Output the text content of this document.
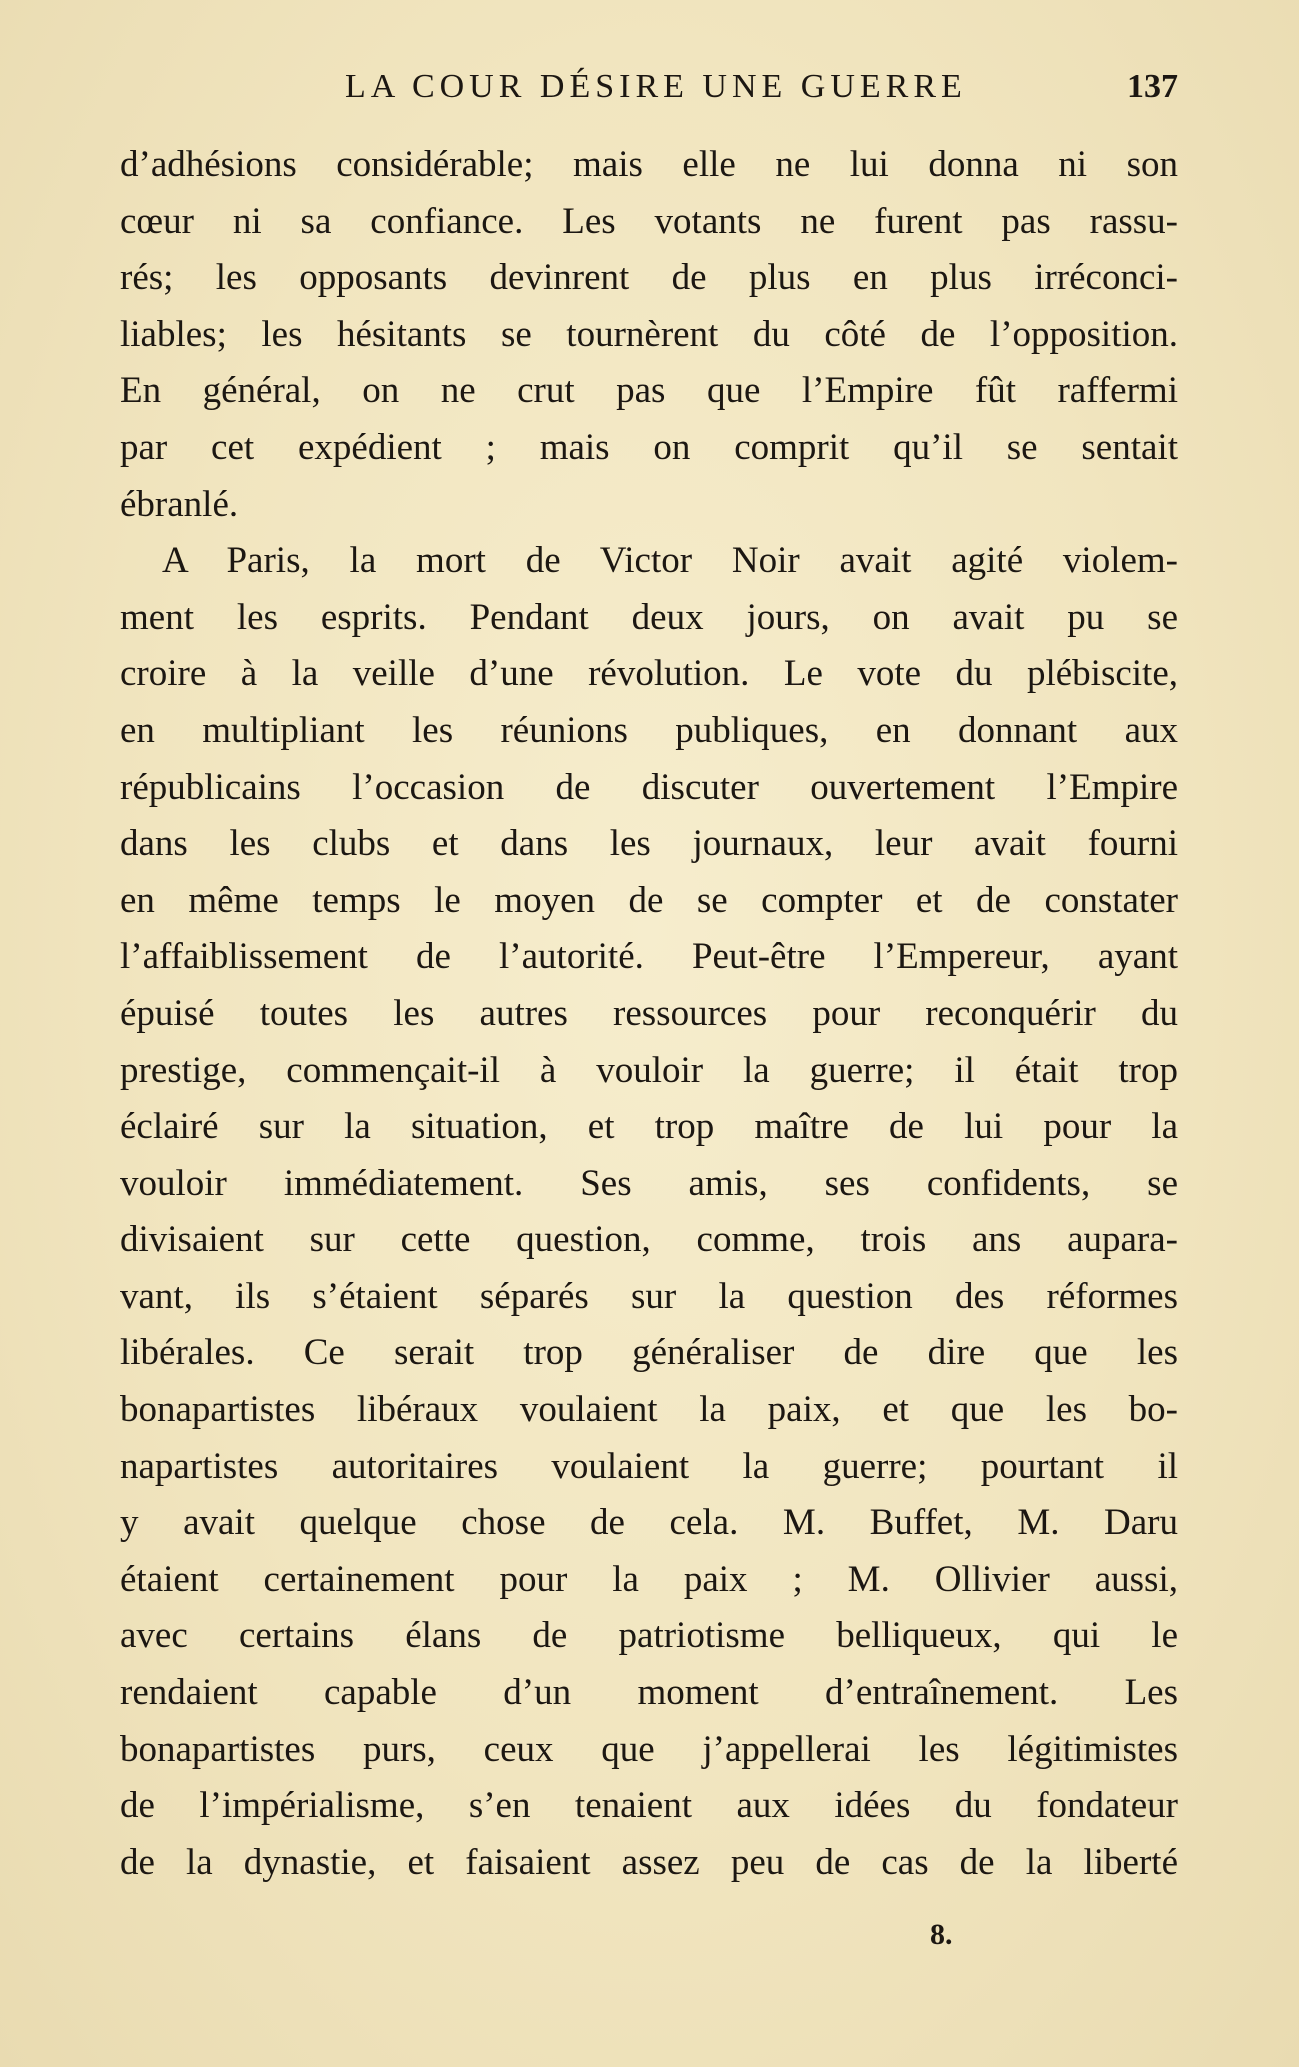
LA COUR DÉSIRE UNE GUERRE	137
d’adhésions considérable; mais elle ne lui donna ni son
cœur ni sa confiance. Les votants ne furent pas rassu-
rés; les opposants devinrent de plus en plus irréconci-
liables; les hésitants se tournèrent du côté de l’opposition.
En général, on ne crut pas que l’Empire fût raffermi
par cet expédient ; mais on comprit qu’il se sentait
ébranlé.
A Paris, la mort de Victor Noir avait agité violem-
ment les esprits. Pendant deux jours, on avait pu se
croire à la veille d’une révolution. Le vote du plébiscite,
en multipliant les réunions publiques, en donnant aux
républicains l’occasion de discuter ouvertement l’Empire
dans les clubs et dans les journaux, leur avait fourni
en même temps le moyen de se compter et de constater
l’affaiblissement de l’autorité. Peut-être l’Empereur, ayant
épuisé toutes les autres ressources pour reconquérir du
prestige, commençait-il à vouloir la guerre; il était trop
éclairé sur la situation, et trop maître de lui pour la
vouloir immédiatement. Ses amis, ses confidents, se
divisaient sur cette question, comme, trois ans aupara-
vant, ils s’étaient séparés sur la question des réformes
libérales. Ce serait trop généraliser de dire que les
bonapartistes libéraux voulaient la paix, et que les bo-
napartistes autoritaires voulaient la guerre; pourtant il
y avait quelque chose de cela. M. Buffet, M. Daru
étaient certainement pour la paix ; M. Ollivier aussi,
avec certains élans de patriotisme belliqueux, qui le
rendaient capable d’un moment d’entraînement. Les
bonapartistes purs, ceux que j’appellerai les légitimistes
de l’impérialisme, s’en tenaient aux idées du fondateur
de la dynastie, et faisaient assez peu de cas de la liberté
8.
